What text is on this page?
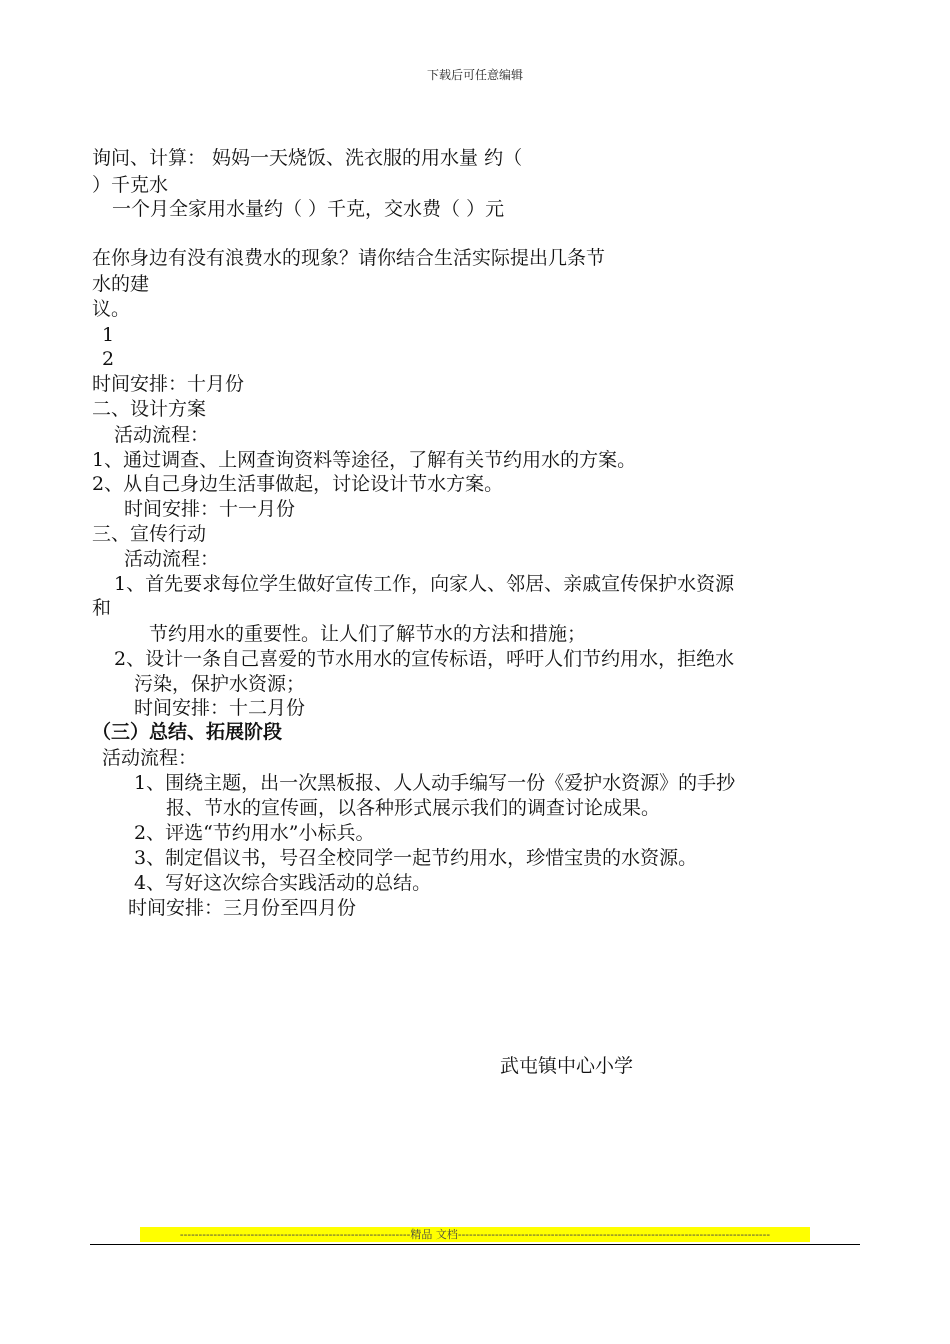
下载后可任意编辑
询问、计算： 妈妈一天烧饭、洗衣服的用水量 约（
）千克水
一个月全家用水量约（ ）千克，交水费（ ）元
在你身边有没有浪费水的现象？请你结合生活实际提出几条节
水的建
议。
1
2
时间安排：十月份
二、设计方案
活动流程：
1、通过调查、上网查询资料等途径，了解有关节约用水的方案。
2、从自己身边生活事做起，讨论设计节水方案。
时间安排：十一月份
三、宣传行动
活动流程：
1、首先要求每位学生做好宣传工作，向家人、邻居、亲戚宣传保护水资源
和
节约用水的重要性。让人们了解节水的方法和措施；
2、设计一条自己喜爱的节水用水的宣传标语，呼吁人们节约用水，拒绝水
污染，保护水资源；
时间安排：十二月份
（三）总结、拓展阶段
活动流程：
1、围绕主题，出一次黑板报、人人动手编写一份《爱护水资源》的手抄
报、节水的宣传画，以各种形式展示我们的调查讨论成果。
2、评选“节约用水”小标兵。
3、制定倡议书，号召全校同学一起节约用水，珍惜宝贵的水资源。
4、写好这次综合实践活动的总结。
时间安排：三月份至四月份
武屯镇中心小学
--------------------------------------------------------------精品 文档------------------------------------------------------------------------------------
